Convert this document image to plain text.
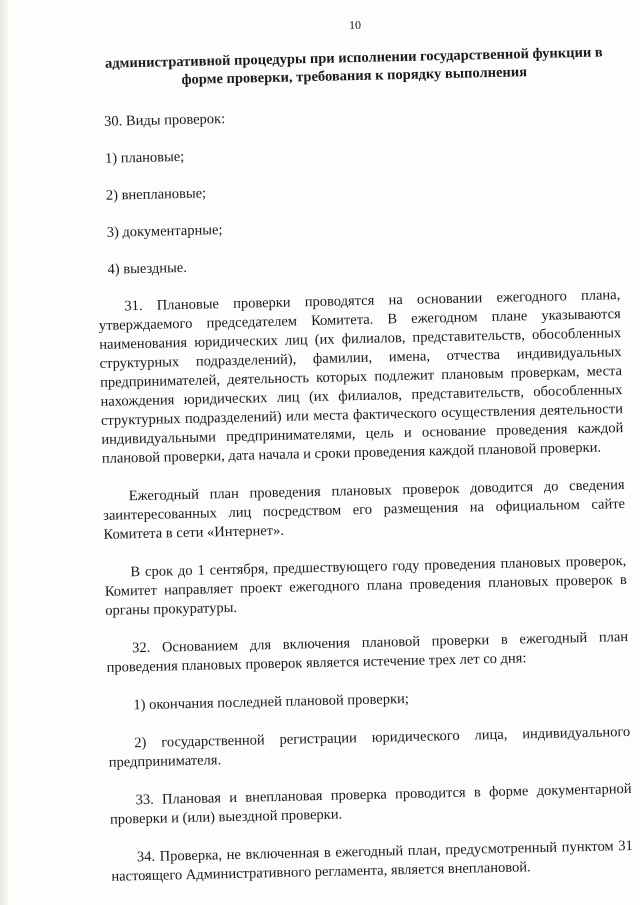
10
административной процедуры при исполнении государственной функции в форме проверки, требования к порядку выполнения

30. Виды проверок:

1) плановые;

2) внеплановые;

3) документарные;

4) выездные.

31. Плановые проверки проводятся на основании ежегодного плана, утверждаемого председателем Комитета. В ежегодном плане указываются наименования юридических лиц (их филиалов, представительств, обособленных структурных подразделений), фамилии, имена, отчества индивидуальных предпринимателей, деятельность которых подлежит плановым проверкам, места нахождения юридических лиц (их филиалов, представительств, обособленных структурных подразделений) или места фактического осуществления деятельности индивидуальными предпринимателями, цель и основание проведения каждой плановой проверки, дата начала и сроки проведения каждой плановой проверки.

Ежегодный план проведения плановых проверок доводится до сведения заинтересованных лиц посредством его размещения на официальном сайте Комитета в сети «Интернет».

В срок до 1 сентября, предшествующего году проведения плановых проверок, Комитет направляет проект ежегодного плана проведения плановых проверок в органы прокуратуры.

32. Основанием для включения плановой проверки в ежегодный план проведения плановых проверок является истечение трех лет со дня:

1) окончания последней плановой проверки;

2) государственной регистрации юридического лица, индивидуального предпринимателя.

33. Плановая и внеплановая проверка проводится в форме документарной проверки и (или) выездной проверки.

34. Проверка, не включенная в ежегодный план, предусмотренный пунктом 31 настоящего Административного регламента, является внеплановой.
